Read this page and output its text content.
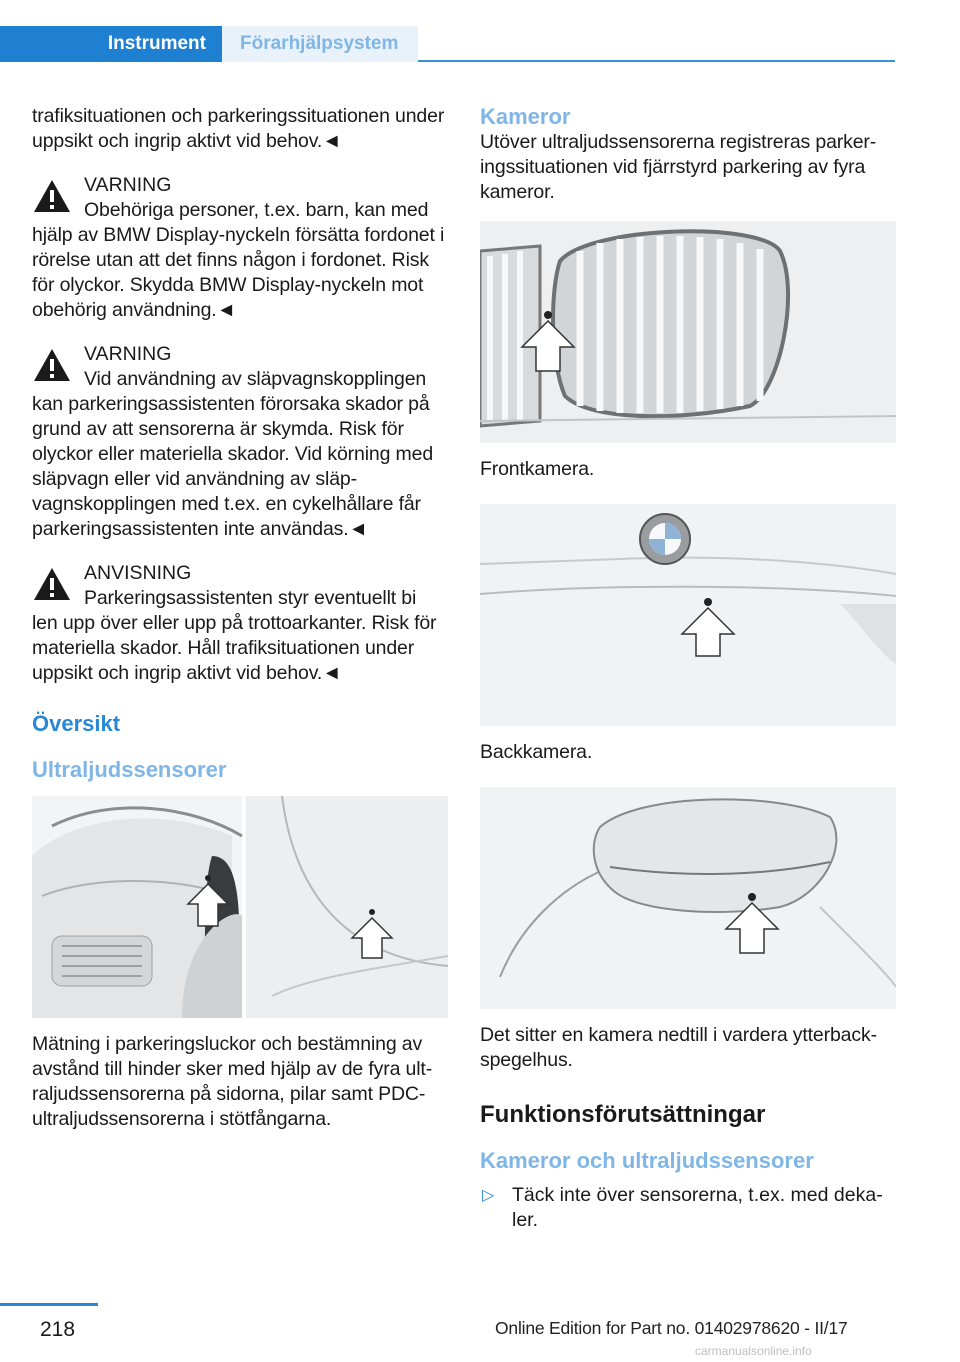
Instrument	Förarhjälpsystem

trafiksituationen och parkeringssituationen under uppsikt och ingrip aktivt vid behov.◄

VARNING

Obehöriga personer, t.ex. barn, kan med
hjälp av BMW Display-nyckeln försätta fordonet i rörelse utan att det finns någon i fordonet. Risk för olyckor. Skydda BMW Display-nyckeln mot obehörig användning.◄

VARNING

Vid användning av släpvagnskopplingen
kan parkeringsassistenten förorsaka skador på grund av att sensorerna är skymda. Risk för olyckor eller materiella skador. Vid körning med släpvagn eller vid användning av släpvagnskopplingen med t.ex. en cykelhållare får parkeringsassistenten inte användas.◄

ANVISNING

Parkeringsassistenten styr eventuellt bi
len upp över eller upp på trottoarkanter. Risk för materiella skador. Håll trafiksituationen under uppsikt och ingrip aktivt vid behov.◄

Översikt
Ultraljudssensorer

Mätning i parkeringsluckor och bestämning av avstånd till hinder sker med hjälp av de fyra ultraljudssensorerna på sidorna, pilar samt PDC-ultraljudssensorerna i stötfångarna.

Kameror

Utöver ultraljudssensorerna registreras parkeringssituationen vid fjärrstyrd parkering av fyra kameror.

Frontkamera.

Backkamera.

Det sitter en kamera nedtill i vardera ytterbackspegelhus.

Funktionsförutsättningar
Kameror och ultraljudssensorer
▷ Täck inte över sensorerna, t.ex. med dekaler.
218	Online Edition for Part no. 01402978620 - II/17
carmanualsonline.info
